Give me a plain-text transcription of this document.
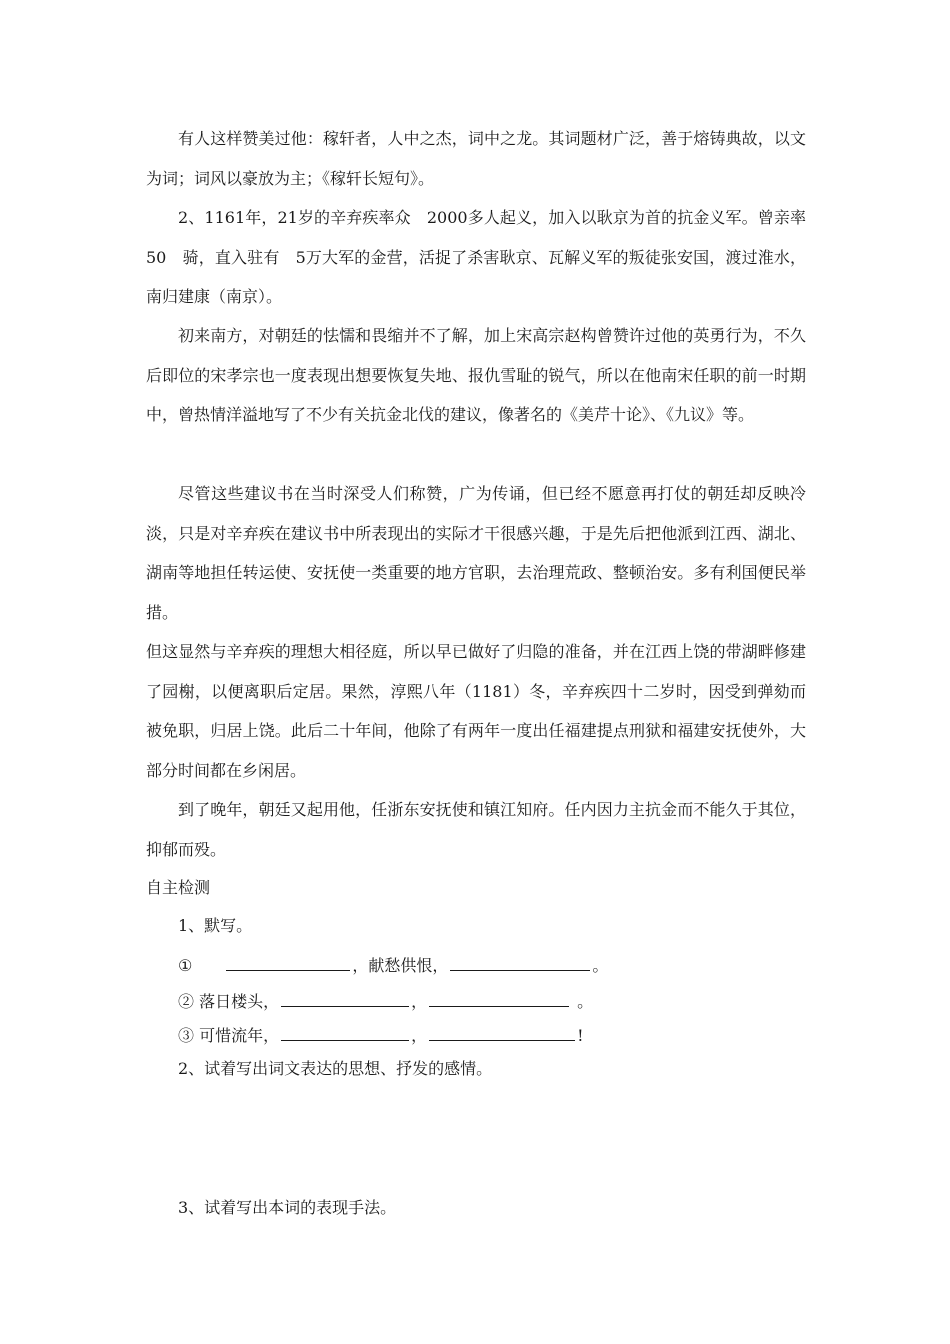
有人这样赞美过他：稼轩者，人中之杰，词中之龙。其词题材广泛，善于熔铸典故，以文为词；词风以豪放为主；《稼轩长短句》。

2、1161年，21岁的辛弃疾率众　2000多人起义，加入以耿京为首的抗金义军。曾亲率　50　骑，直入驻有　5万大军的金营，活捉了杀害耿京、瓦解义军的叛徒张安国，渡过淮水，南归建康（南京）。

初来南方，对朝廷的怯懦和畏缩并不了解，加上宋高宗赵构曾赞许过他的英勇行为，不久后即位的宋孝宗也一度表现出想要恢复失地、报仇雪耻的锐气，所以在他南宋任职的前一时期中，曾热情洋溢地写了不少有关抗金北伐的建议，像著名的《美芹十论》、《九议》等。

尽管这些建议书在当时深受人们称赞，广为传诵，但已经不愿意再打仗的朝廷却反映冷淡，只是对辛弃疾在建议书中所表现出的实际才干很感兴趣，于是先后把他派到江西、湖北、湖南等地担任转运使、安抚使一类重要的地方官职，去治理荒政、整顿治安。多有利国便民举措。

但这显然与辛弃疾的理想大相径庭，所以早已做好了归隐的准备，并在江西上饶的带湖畔修建了园榭，以便离职后定居。果然，淳熙八年（1181）冬，辛弃疾四十二岁时，因受到弹劾而被免职，归居上饶。此后二十年间，他除了有两年一度出任福建提点刑狱和福建安抚使外，大部分时间都在乡闲居。

到了晚年，朝廷又起用他，任浙东安抚使和镇江知府。任内因力主抗金而不能久于其位，抑郁而殁。

自主检测

1、默写。

①	，献愁供恨，	。

② 落日楼头，	，	。

③ 可惜流年，	，	!

2、试着写出词文表达的思想、抒发的感情。

3、试着写出本词的表现手法。
